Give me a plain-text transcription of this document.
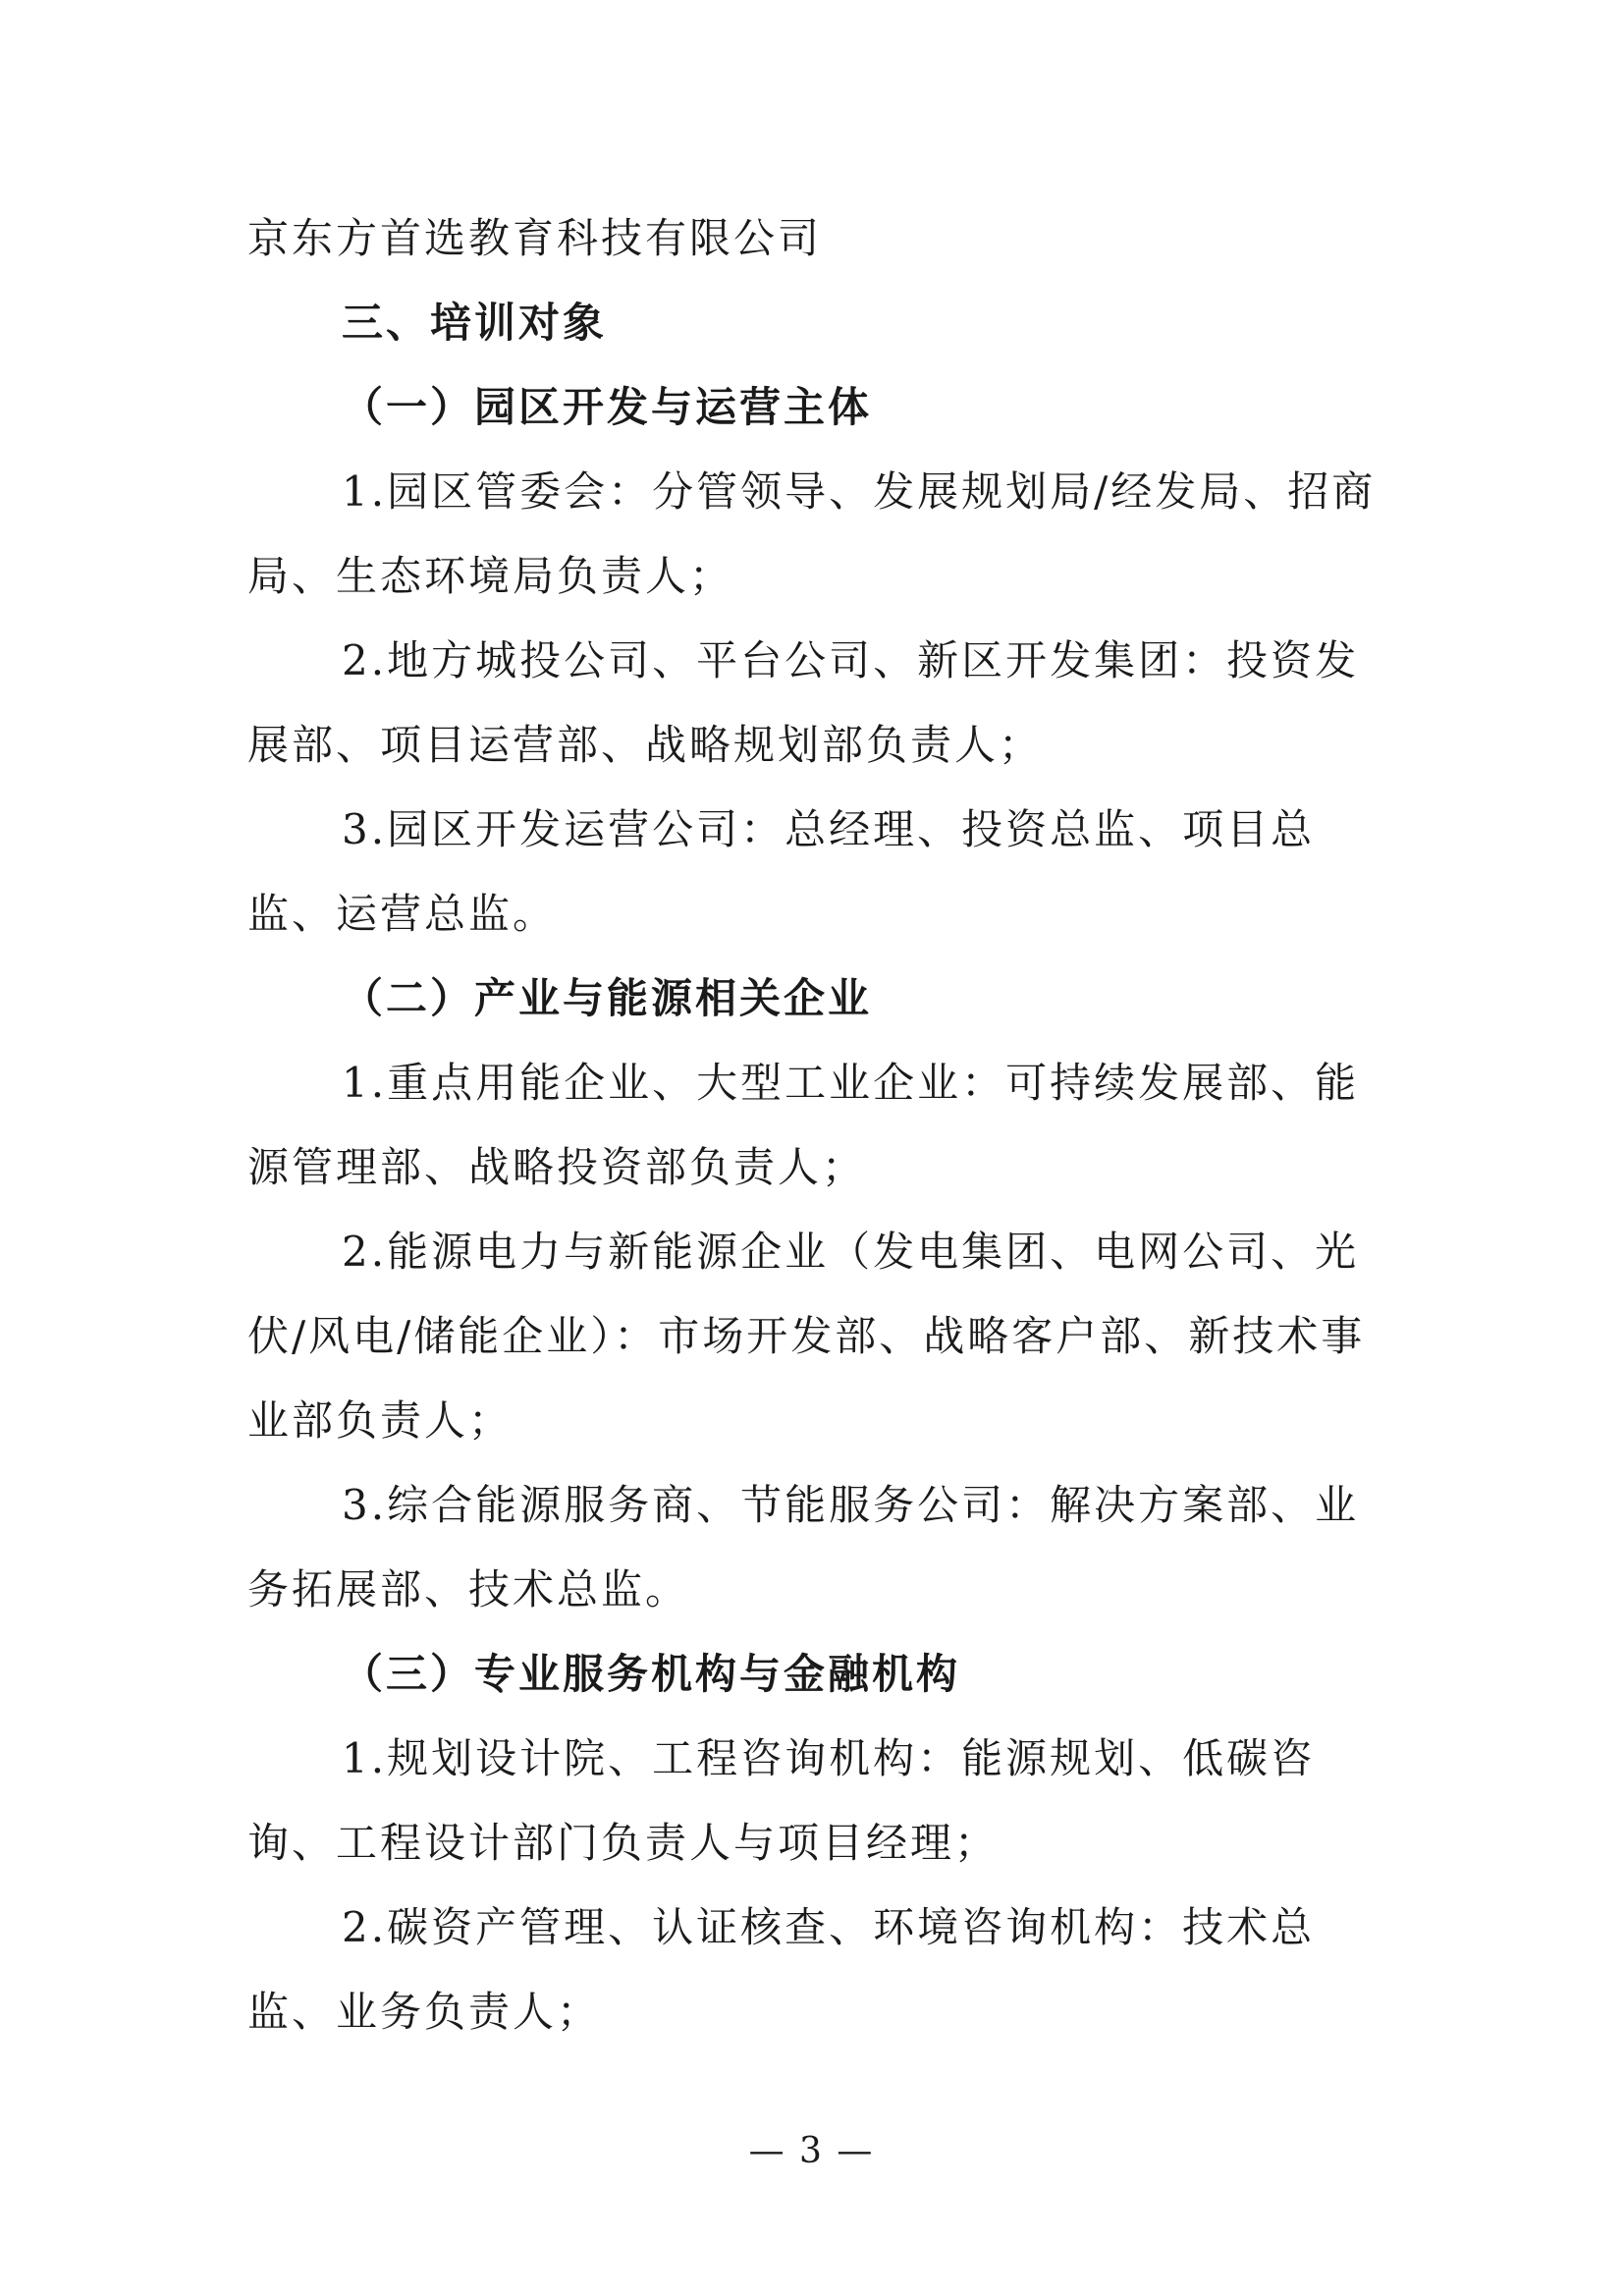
京东方首选教育科技有限公司

三、培训对象

（一）园区开发与运营主体

1.园区管委会：分管领导、发展规划局/经发局、招商局、生态环境局负责人；

2.地方城投公司、平台公司、新区开发集团：投资发展部、项目运营部、战略规划部负责人；

3.园区开发运营公司：总经理、投资总监、项目总监、运营总监。

（二）产业与能源相关企业

1.重点用能企业、大型工业企业：可持续发展部、能源管理部、战略投资部负责人；

2.能源电力与新能源企业（发电集团、电网公司、光伏/风电/储能企业）：市场开发部、战略客户部、新技术事业部负责人；

3.综合能源服务商、节能服务公司：解决方案部、业务拓展部、技术总监。

（三）专业服务机构与金融机构

1.规划设计院、工程咨询机构：能源规划、低碳咨询、工程设计部门负责人与项目经理；

2.碳资产管理、认证核查、环境咨询机构：技术总监、业务负责人；

— 3 —
